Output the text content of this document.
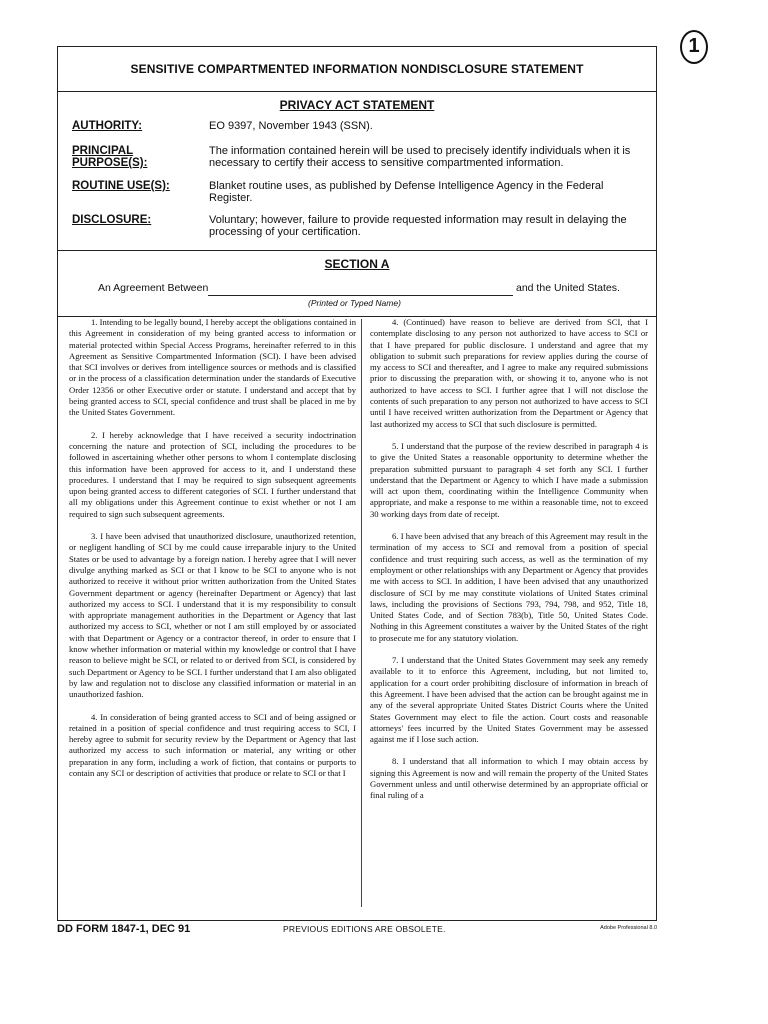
1
SENSITIVE COMPARTMENTED INFORMATION NONDISCLOSURE STATEMENT
PRIVACY ACT STATEMENT
AUTHORITY:	EO 9397, November 1943 (SSN).
PRINCIPAL PURPOSE(S):
The information contained herein will be used to precisely identify individuals when it is necessary to certify their access to sensitive compartmented information.
ROUTINE USE(S):	Blanket routine uses, as published by Defense Intelligence Agency in the Federal Register.
DISCLOSURE:	Voluntary; however, failure to provide requested information may result in delaying the processing of your certification.
SECTION A
An Agreement Between	and the United States.
(Printed or Typed Name)

1. Intending to be legally bound, I hereby accept the obligations contained in this Agreement in consideration of my being granted access to information or material protected within Special Access Programs, hereinafter referred to in this Agreement as Sensitive Compartmented Information (SCI). I have been advised that SCI involves or derives from intelligence sources or methods and is classified or in the process of a classification determination under the standards of Executive Order 12356 or other Executive order or statute. I understand and accept that by being granted access to SCI, special confidence and trust shall be placed in me by the United States Government.

2. I hereby acknowledge that I have received a security indoctrination concerning the nature and protection of SCI, including the procedures to be followed in ascertaining whether other persons to whom I contemplate disclosing this information have been approved for access to it, and I understand these procedures. I understand that I may be required to sign subsequent agreements upon being granted access to different categories of SCI. I further understand that all my obligations under this Agreement continue to exist whether or not I am required to sign such subsequent agreements.

3. I have been advised that unauthorized disclosure, unauthorized retention, or negligent handling of SCI by me could cause irreparable injury to the United States or be used to advantage by a foreign nation. I hereby agree that I will never divulge anything marked as SCI or that I know to be SCI to anyone who is not authorized to receive it without prior written authorization from the United States Government department or agency (hereinafter Department or Agency) that last authorized my access to SCI. I understand that it is my responsibility to consult with appropriate management authorities in the Department or Agency that last authorized my access to SCI, whether or not I am still employed by or associated with that Department or Agency or a contractor thereof, in order to ensure that I know whether information or material within my knowledge or control that I have reason to believe might be SCI, or related to or derived from SCI, is considered by such Department or Agency to be SCI. I further understand that I am also obligated by law and regulation not to disclose any classified information or material in an unauthorized fashion.

4. In consideration of being granted access to SCI and of being assigned or retained in a position of special confidence and trust requiring access to SCI, I hereby agree to submit for security review by the Department or Agency that last authorized my access to such information or material, any writing or other preparation in any form, including a work of fiction, that contains or purports to contain any SCI or description of activities that produce or relate to SCI or that I

4. (Continued) have reason to believe are derived from SCI, that I contemplate disclosing to any person not authorized to have access to SCI or that I have prepared for public disclosure. I understand and agree that my obligation to submit such preparations for review applies during the course of my access to SCI and thereafter, and I agree to make any required submissions prior to discussing the preparation with, or showing it to, anyone who is not authorized to have access to SCI. I further agree that I will not disclose the contents of such preparation to any person not authorized to have access to SCI until I have received written authorization from the Department or Agency that last authorized my access to SCI that such disclosure is permitted.

5. I understand that the purpose of the review described in paragraph 4 is to give the United States a reasonable opportunity to determine whether the preparation submitted pursuant to paragraph 4 set forth any SCI. I further understand that the Department or Agency to which I have made a submission will act upon them, coordinating within the Intelligence Community when appropriate, and make a response to me within a reasonable time, not to exceed 30 working days from date of receipt.

6. I have been advised that any breach of this Agreement may result in the termination of my access to SCI and removal from a position of special confidence and trust requiring such access, as well as the termination of my employment or other relationships with any Department or Agency that provides me with access to SCI. In addition, I have been advised that any unauthorized disclosure of SCI by me may constitute violations of United States criminal laws, including the provisions of Sections 793, 794, 798, and 952, Title 18, United States Code, and of Section 783(b), Title 50, United States Code. Nothing in this Agreement constitutes a waiver by the United States of the right to prosecute me for any statutory violation.

7. I understand that the United States Government may seek any remedy available to it to enforce this Agreement, including, but not limited to, application for a court order prohibiting disclosure of information in breach of this Agreement. I have been advised that the action can be brought against me in any of the several appropriate United States District Courts where the United States Government may elect to file the action. Court costs and reasonable attorneys' fees incurred by the United States Government may be assessed against me if I lose such action.

8. I understand that all information to which I may obtain access by signing this Agreement is now and will remain the property of the United States Government unless and until otherwise determined by an appropriate official or final ruling of a

DD FORM 1847-1, DEC 91	PREVIOUS EDITIONS ARE OBSOLETE.	Adobe Professional 8.0
